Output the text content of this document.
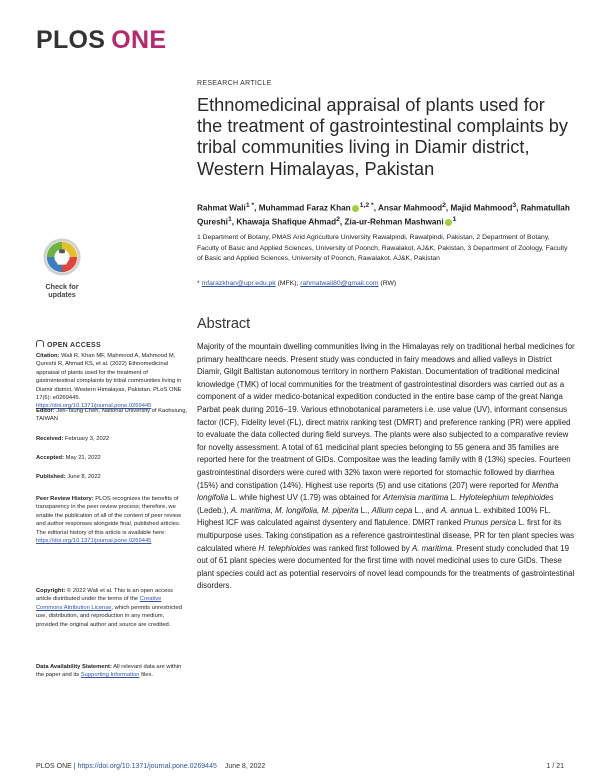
PLOS ONE
RESEARCH ARTICLE
Ethnomedicinal appraisal of plants used for the treatment of gastrointestinal complaints by tribal communities living in Diamir district, Western Himalayas, Pakistan
Rahmat Wali$^{1 *}$, Muhammad Faraz Khan $^{1,2 *}$, Ansar Mahmood$^2$, Majid Mahmood$^3$, Rahmatullah Qureshi$^1$, Khawaja Shafique Ahmad$^2$, Zia-ur-Rehman Mashwani $^1$
1 Department of Botany, PMAS Arid Agriculture University Rawalpindi, Rawalpindi, Pakistan, 2 Department of Botany, Faculty of Basic and Applied Sciences, University of Poonch, Rawalakot, AJ&K, Pakistan, 3 Department of Zoology, Faculty of Basic and Applied Sciences, University of Poonch, Rawalakot, AJ&K, Pakistan
* mfarazkhan@upr.edu.pk (MFK); rahmatwali80@gmail.com (RW)
Check for
updates
OPEN ACCESS
Citation: Wali R, Khan MF, Mahmood A, Mahmood M, Qureshi R, Ahmad KS, et al. (2022) Ethnomedicinal appraisal of plants used for the treatment of gastrointestinal complaints by tribal communities living in Diamir district, Western Himalayas, Pakistan. PLoS ONE 17(6): e0269445. https://doi.org/10.1371/journal.pone.0269445
Editor: Jen-Tsung Chen, National University of Kaohsiung, TAIWAN
Received: February 3, 2022
Accepted: May 21, 2022
Published: June 8, 2022
Peer Review History: PLOS recognizes the benefits of transparency in the peer review process; therefore, we enable the publication of all of the content of peer review and author responses alongside final, published articles. The editorial history of this article is available here: https://doi.org/10.1371/journal.pone.0269445
Copyright: © 2022 Wali et al. This is an open access article distributed under the terms of the Creative Commons Attribution License, which permits unrestricted use, distribution, and reproduction in any medium, provided the original author and source are credited.
Data Availability Statement: All relevant data are within the paper and its Supporting Information files.
Abstract
Majority of the mountain dwelling communities living in the Himalayas rely on traditional herbal medicines for primary healthcare needs. Present study was conducted in fairy meadows and allied valleys in District Diamir, Gilgit Baltistan autonomous territory in northern Pakistan. Documentation of traditional medicinal knowledge (TMK) of local communities for the treatment of gastrointestinal disorders was carried out as a component of a wider medico-botanical expedition conducted in the entire base camp of the great Nanga Parbat peak during 2016–19. Various ethnobotanical parameters i.e. use value (UV), informant consensus factor (ICF), Fidelity level (FL), direct matrix ranking test (DMRT) and preference ranking (PR) were applied to evaluate the data collected during field surveys. The plants were also subjected to a comparative review for novelty assessment. A total of 61 medicinal plant species belonging to 55 genera and 35 families are reported here for the treatment of GIDs. Compositae was the leading family with 8 (13%) species. Fourteen gastrointestinal disorders were cured with 32% taxon were reported for stomachic followed by diarrhea (15%) and constipation (14%). Highest use reports (5) and use citations (207) were reported for Mentha longifolia L. while highest UV (1.79) was obtained for Artemisia maritima L. Hylotelephium telephioides (Ledeb.), A. maritima, M. longifolia, M. piperita L., Allium cepa L., and A. annua L. exhibited 100% FL. Highest ICF was calculated against dysentery and flatulence. DMRT ranked Prunus persica L. first for its multipurpose uses. Taking constipation as a reference gastrointestinal disease, PR for ten plant species was calculated where H. telephioides was ranked first followed by A. maritima. Present study concluded that 19 out of 61 plant species were documented for the first time with novel medicinal uses to cure GIDs. These plant species could act as potential reservoirs of novel lead compounds for the treatments of gastrointestinal disorders.
PLOS ONE | https://doi.org/10.1371/journal.pone.0269445 June 8, 2022	1 / 21
